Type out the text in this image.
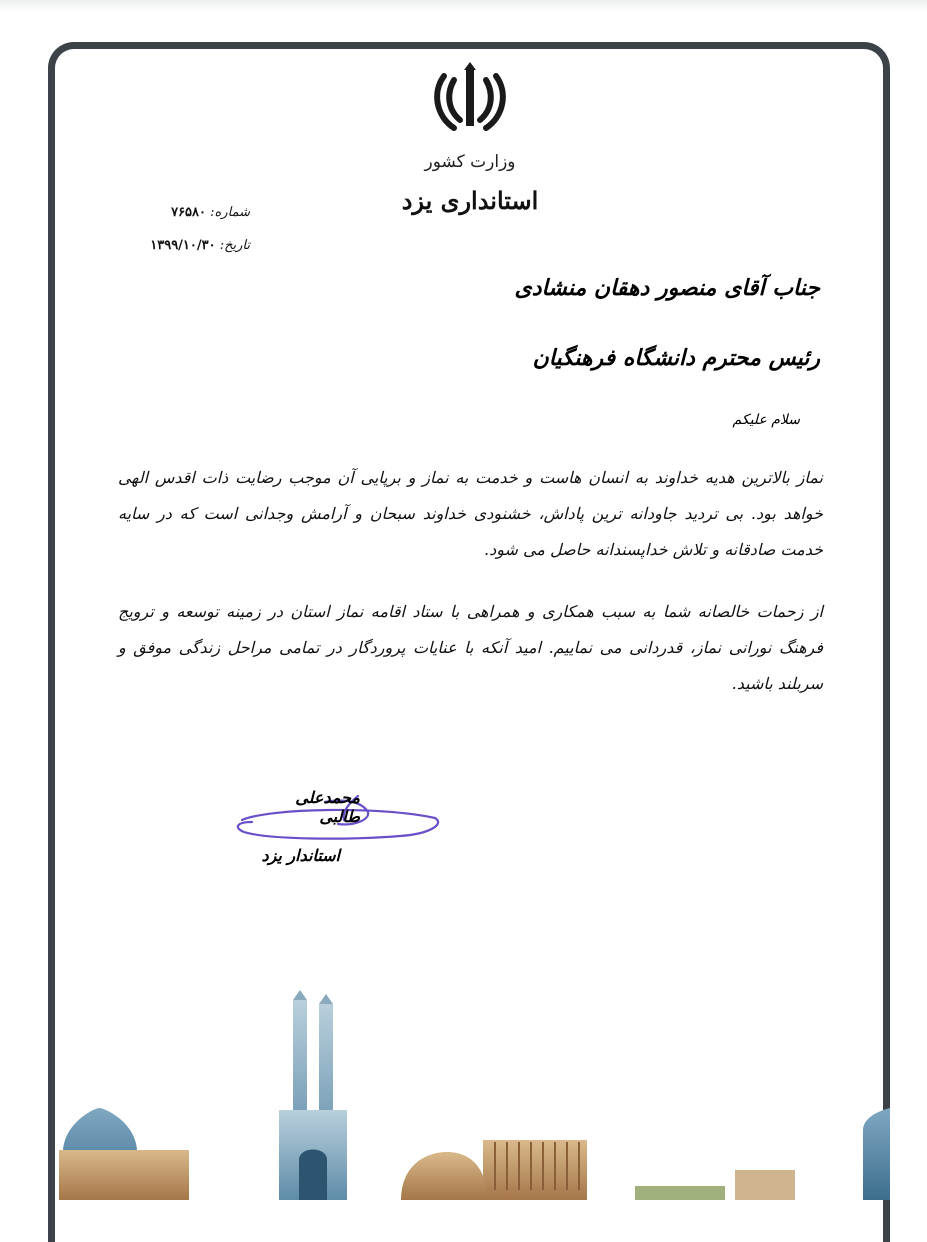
وزارت کشور
استانداری یزد
شماره: ۷۶۵۸۰
تاریخ: ۱۳۹۹/۱۰/۳۰
جناب آقای منصور دهقان منشادی
رئیس محترم دانشگاه فرهنگیان
سلام علیکم

نماز بالاترین هدیه خداوند به انسان هاست و خدمت به نماز و برپایی آن موجب رضایت ذات اقدس الهی خواهد بود. بی تردید جاودانه ترین پاداش، خشنودی خداوند سبحان و آرامش وجدانی است که در سایه خدمت صادقانه و تلاش خداپسندانه حاصل می شود.

از زحمات خالصانه شما به سبب همکاری و همراهی با ستاد اقامه نماز استان در زمینه توسعه و ترویج فرهنگ نورانی نماز، قدردانی می نماییم. امید آنکه با عنایات پروردگار در تمامی مراحل زندگی موفق و سربلند باشید.

محمدعلی طالبی
استاندار یزد
